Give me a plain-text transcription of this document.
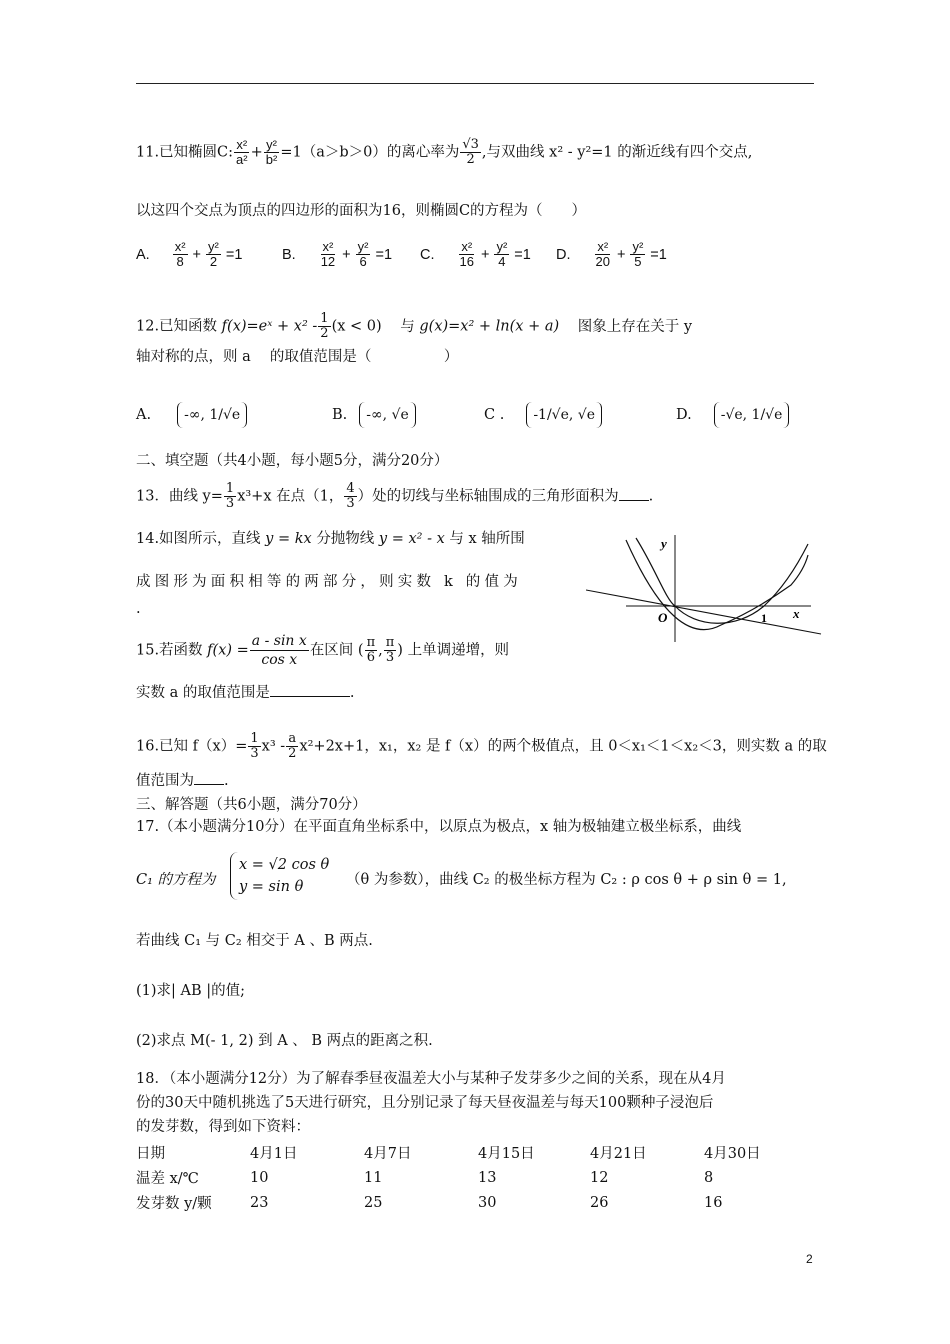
11.已知椭圆C: $\frac{\text{x²}}{\text{a²}} + \frac{\text{y²}}{\text{b²}} =1(a>b>0)$的离心率为 $\frac{√3}{2}$ ,与双曲线 x² - y²=1 的渐近线有四个交点,
以这四个交点为顶点的四边形的面积为16，则椭圆C的方程为（　　）
A. $\frac{\text{x²}}{8} + \frac{\text{y²}}{2} =1$	B. $\frac{\text{x²}}{12} + \frac{\text{y²}}{6} =1$ C. $\frac{\text{x²}}{16} + \frac{\text{y²}}{4} =1$ D. $\frac{\text{x²}}{20} + \frac{\text{y²}}{5} =1$
12.已知函数 f(x)=eˣ + $x^2 - \frac{1}{2} (x < 0)$ 与 g(x)=x² + ln(x + a) 图象上存在关于 y
轴对称的点，则 a　 的取值范围是（　　　　　）
A.	-∞, 1/√e	B.	-∞, √e	C .	-1/√e, √e	D.	-√e, 1/√e
二、填空题（共4小题，每小题5分，满分20分）
13．曲线 $y= \frac{1}{3} x^3+x$ 在点（1， $\frac{4}{3}$ ）处的切线与坐标轴围成的三角形面积为 .
14.如图所示，直线 y = kx 分抛物线 y = x² - x 与 x 轴所围
成图形为面积相等的两部分，则实数 k 的值为
.
y
x
O	1
15.若函数 $f(x) = \frac{\text{a - sin x}}{\text{cos x}}$ 在区间 ( $\frac{\pi}{6}$ , $\frac{\pi}{3}$ ) 上单调递增，则
实数 a 的取值范围是	.
16.已知 $f(x)= \frac{1}{3} x^3 - \frac{a}{2} x^2+2x+1$，x₁，x₂ 是 f（x）的两个极值点，且 0＜x₁＜1＜x₂＜3，则实数 a 的取
值范围为 .
三、解答题（共6小题，满分70分）
17.（本小题满分10分）在平面直角坐标系中，以原点为极点，x 轴为极轴建立极坐标系，曲线
C₁ 的方程为
x = √2 cos θ
y = sin θ	（θ 为参数），曲线 C₂ 的极坐标方程为 C₂ : ρ cos θ + ρ sin θ = 1,
若曲线 C₁ 与 C₂ 相交于 A 、B 两点.
(1)求| AB |的值;
(2)求点 M(- 1, 2) 到 A 、 B 两点的距离之积.
18．（本小题满分12分）为了解春季昼夜温差大小与某种子发芽多少之间的关系，现在从4月
份的30天中随机挑选了5天进行研究，且分别记录了每天昼夜温差与每天100颗种子浸泡后
的发芽数，得到如下资料：
日期	4月1日	4月7日	4月15日	4月21日	4月30日
温差 x/℃	10	11	13	12	8
发芽数 y/颗	23	25	30	26	16
2
